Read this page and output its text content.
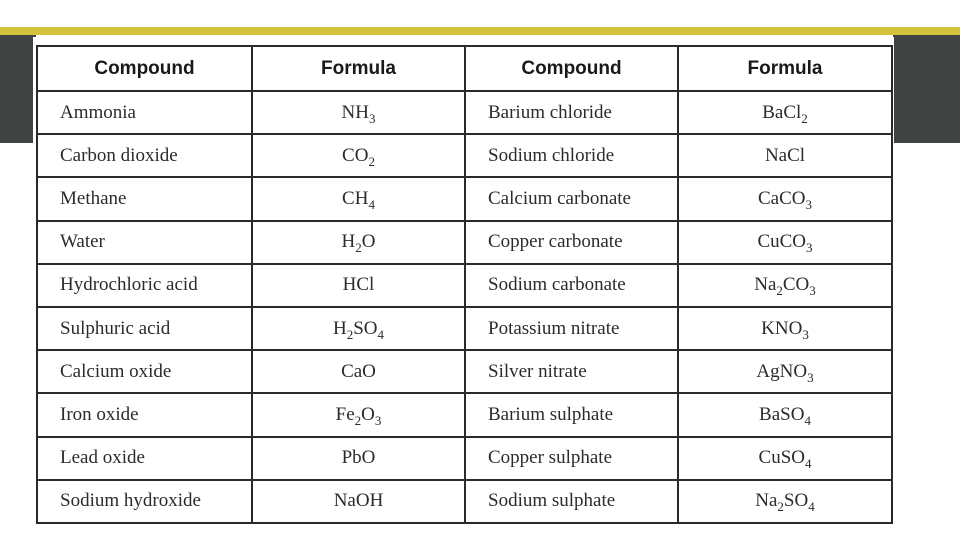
Compound	Formula	Compound	Formula
Ammonia	$NH_3$	Barium chloride	BaCl$_2$
Carbon dioxide	$CO_2$	Sodium chloride	NaCl
Methane	$CH_4$	Calcium carbonate	CaCO$_3$
Water	$H_2O$	Copper carbonate	CuCO$_3$
Hydrochloric acid	HCl	Sodium carbonate	$Na_2CO_3$
Sulphuric acid	$H_2SO_4$	Potassium nitrate	$KNO_3$
Calcium oxide	CaO	Silver nitrate	AgNO$_3$
Iron oxide	$Fe_2O_3$	Barium sulphate	BaSO$_4$
Lead oxide	PbO	Copper sulphate	CuSO$_4$
Sodium hydroxide	NaOH	Sodium sulphate	$Na_2SO_4$
